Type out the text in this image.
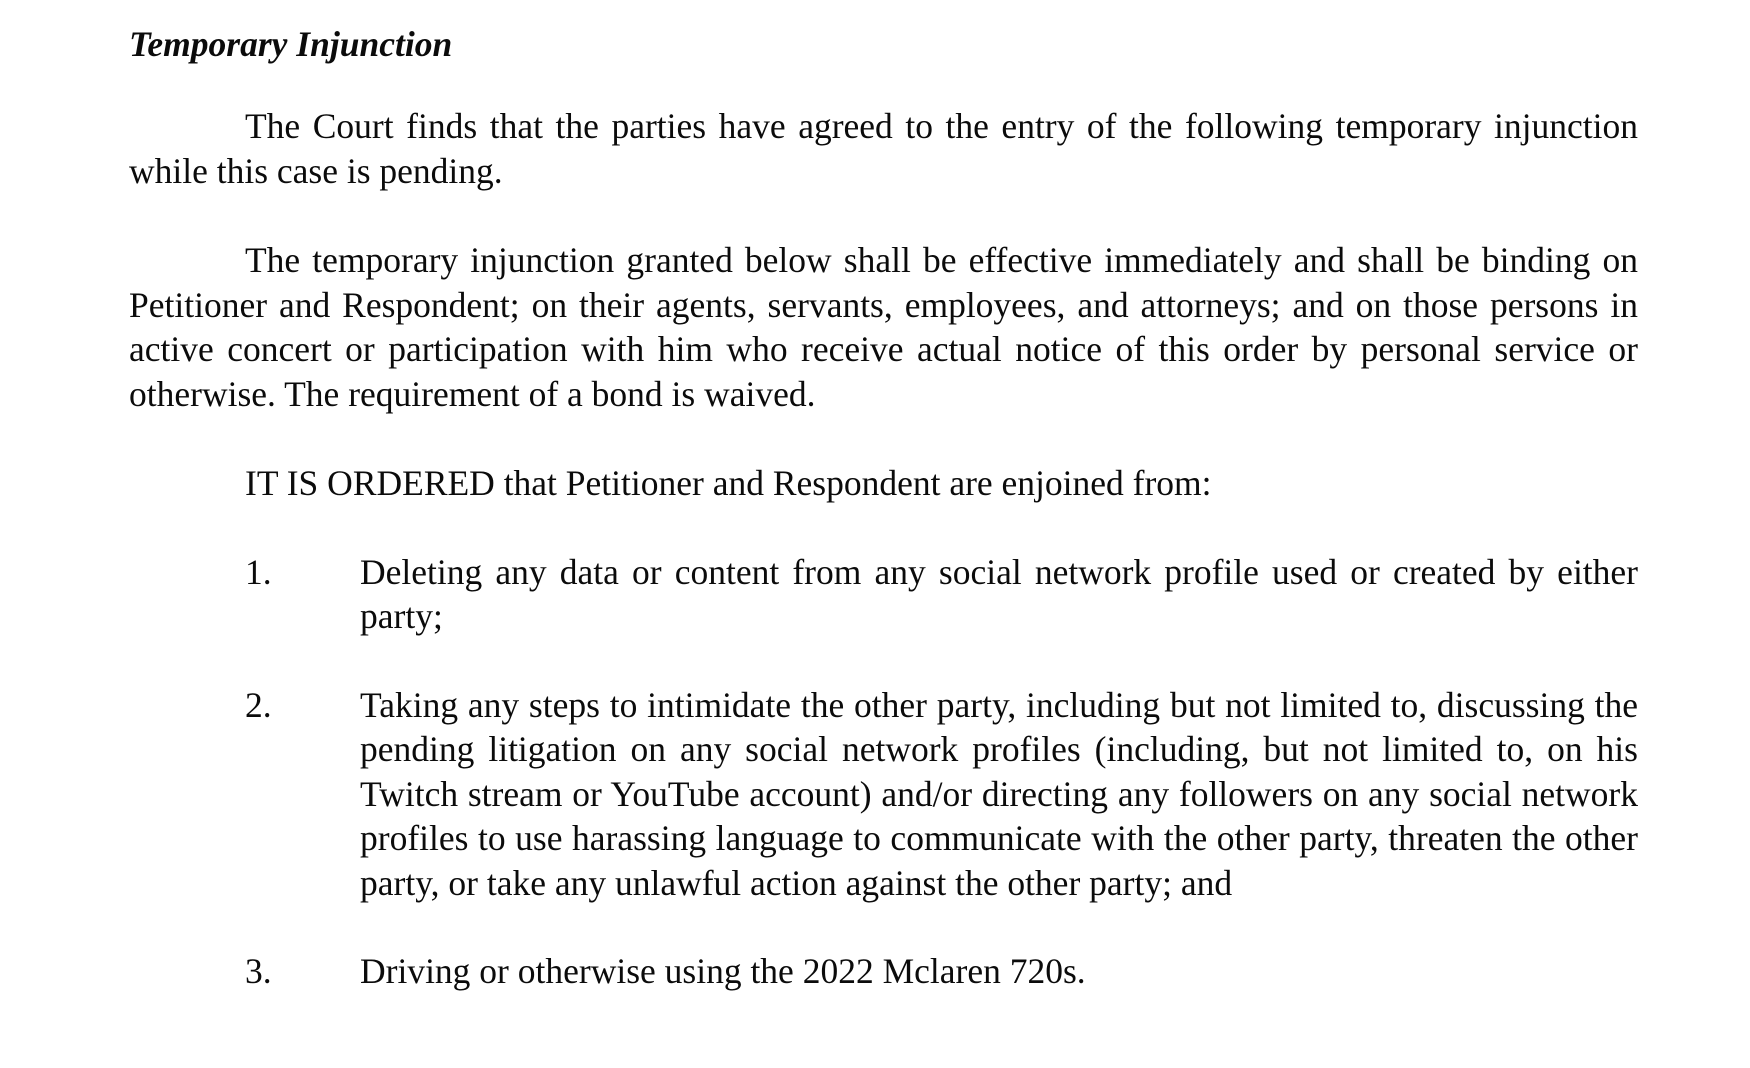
Temporary Injunction

The Court finds that the parties have agreed to the entry of the following temporary injunction while this case is pending.

The temporary injunction granted below shall be effective immediately and shall be binding on Petitioner and Respondent; on their agents, servants, employees, and attorneys; and on those persons in active concert or participation with him who receive actual notice of this order by personal service or otherwise. The requirement of a bond is waived.

IT IS ORDERED that Petitioner and Respondent are enjoined from:

1. Deleting any data or content from any social network profile used or created by either party;
2. Taking any steps to intimidate the other party, including but not limited to, discussing the pending litigation on any social network profiles (including, but not limited to, on his Twitch stream or YouTube account) and/or directing any followers on any social network profiles to use harassing language to communicate with the other party, threaten the other party, or take any unlawful action against the other party; and
3. Driving or otherwise using the 2022 Mclaren 720s.
